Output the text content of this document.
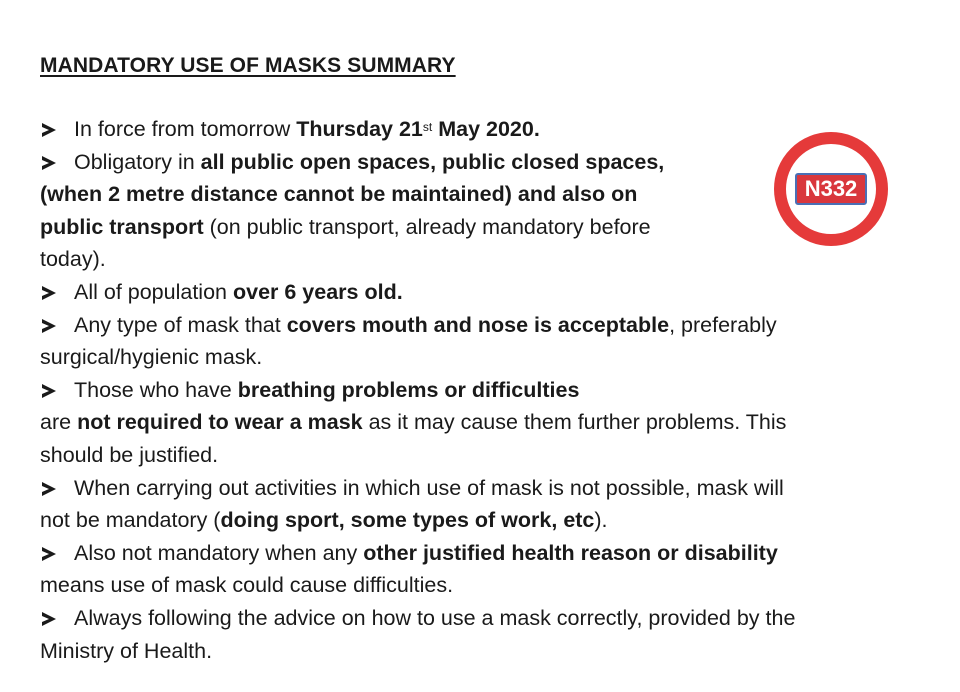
MANDATORY USE OF MASKS SUMMARY
N332
In force from tomorrow Thursday 21st May 2020.
Obligatory in all public open spaces, public closed spaces,
(when 2 metre distance cannot be maintained) and also on
public transport (on public transport, already mandatory before
today).
All of population over 6 years old.
Any type of mask that covers mouth and nose is acceptable, preferably
surgical/hygienic mask.
Those who have breathing problems or difficulties
are not required to wear a mask as it may cause them further problems. This
should be justified.
When carrying out activities in which use of mask is not possible, mask will
not be mandatory (doing sport, some types of work, etc).
Also not mandatory when any other justified health reason or disability
means use of mask could cause difficulties.
Always following the advice on how to use a mask correctly, provided by the
Ministry of Health.
